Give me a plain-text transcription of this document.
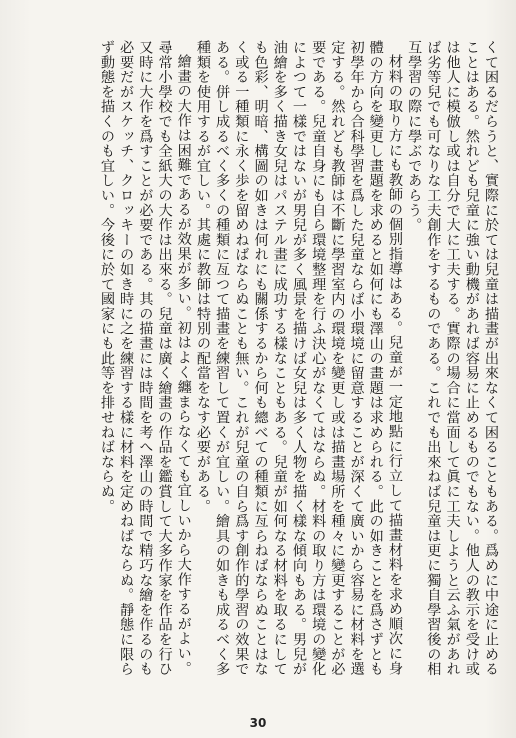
くて困るだらうと、實際に於ては兒童は描畫が出來なくて困ることもある。爲めに中途に止めることはある。然れども兒童に強い動機があれば容易に止めるものでもない。他人の教示を受け或は他人に模倣し或は自分で大に工夫する。實際の場合に當面して眞に工夫しようと云ふ氣があれば劣等兒でも可なりな工夫創作をするものである。これでも出來ねば兒童は更に獨自學習後の相互學習の際に學ぶであらう。

材料の取り方にも教師の個別指導はある。兒童が一定地點に行立して描畫材料を求め順次に身體の方向を變更し畫題を求めると如何にも澤山の畫題は求められる。此の如きことを爲さずとも初學年から合科學習を爲した兒童ならば小環境に留意することが深くて廣いから容易に材料を選定する。然れども教師は不斷に學習室内の環境を變更し或は描畫場所を種々に變更することが必要である。兒童自身にも自ら環境整理を行ふ決心がなくてはならぬ。材料の取り方は環境の變化によつて一樣ではないが男兒が多く風景を描けば女兒は多く人物を描く樣な傾向もある。男兒が油繪を多く描き女兒はパステル畫に成功する樣なこともある。兒童が如何なる材料を取るにしても色彩、明暗、構圖の如きは何れにも關係するから何も總べての種類に亙らねばならぬことはなく或る一種類に永く歩を留めねばならぬことも無い。これが兒童の自ら爲す創作的學習の效果である。併し成るべく多くの種類に亙つて描畫を練習して置くが宜しい。繪具の如きも成るべく多種類を使用するが宜しい。其處に教師は特別の配當をなす必要がある。

繪畫の大作は困難であるが效果が多い。初はよく纏まらなくても宜しいから大作するがよい。尋常小學校でも全紙大の大作は出來る。兒童は廣く繪畫の作品を鑑賞して大多作家を作品を行ひ又時に大作を爲すことが必要である。其の描畫には時間を考へ澤山の時間で精巧な繪を作るのも必要だがスケッチ、クロッキーの如き時に之を練習する樣に材料を定めねばならぬ。靜態に限らず動態を描くのも宜しい。今後に於て國家にも此等を排せねばならぬ。

30
